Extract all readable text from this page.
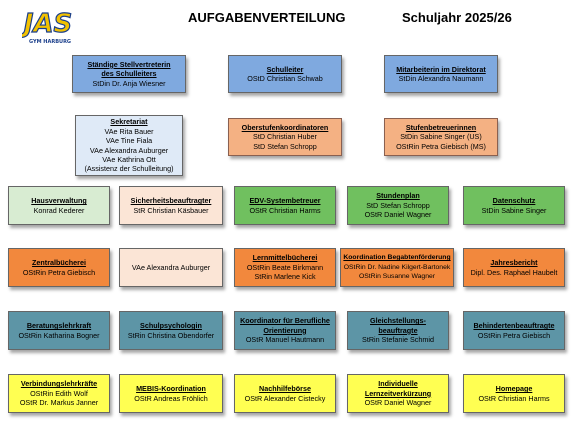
JAS
GYM HARBURG
AUFGABENVERTEILUNG	Schuljahr 2025/26
Ständige Stellvertreterin
des Schulleiters
StDin Dr. Anja Wiesner
Schulleiter
OStD Christian Schwab
Mitarbeiterin im Direktorat
StDin Alexandra Naumann
Sekretariat
VAe Rita Bauer
VAe Tine Fiala
VAe Alexandra Auburger
VAe Kathrina Ott
(Assistenz der Schulleitung)
Oberstufenkoordinatoren
StD Christian Huber
StD Stefan Schropp
Stufenbetreuerinnen
StDin Sabine Singer (US)
OStRin Petra Giebisch (MS)
Hausverwaltung
Konrad Kederer
Sicherheitsbeauftragter
StR Christian Käsbauer
EDV-Systembetreuer
OStR Christian Harms
Stundenplan
StD Stefan Schropp
OStR Daniel Wagner
Datenschutz
StDin Sabine Singer
Zentralbücherei
OStRin Petra Giebisch
VAe Alexandra Auburger
Lernmittelbücherei
OStRin Beate Birkmann
StRin Marlene Kick
Koordination Begabtenförderung
OStRin Dr. Nadine Kilgert-Bartonek
OStRin Susanne Wagner
Jahresbericht
Dipl. Des. Raphael Haubelt
Beratungslehrkraft
OStRin Katharina Bogner
Schulpsychologin
StRin Christina Obendorfer
Koordinator für Berufliche
Orientierung
OStR Manuel Hautmann
Gleichstellungs-
beauftragte
StRin Stefanie Schmid
Behindertenbeauftragte
OStRin Petra Giebisch
Verbindungslehrkräfte
OStRin Edith Wolf
OStR Dr. Markus Janner
MEBIS-Koordination
OStR Andreas Fröhlich
Nachhilfebörse
OStR Alexander Cistecky
Individuelle
Lernzeitverkürzung
OStR Daniel Wagner
Homepage
OStR Christian Harms
